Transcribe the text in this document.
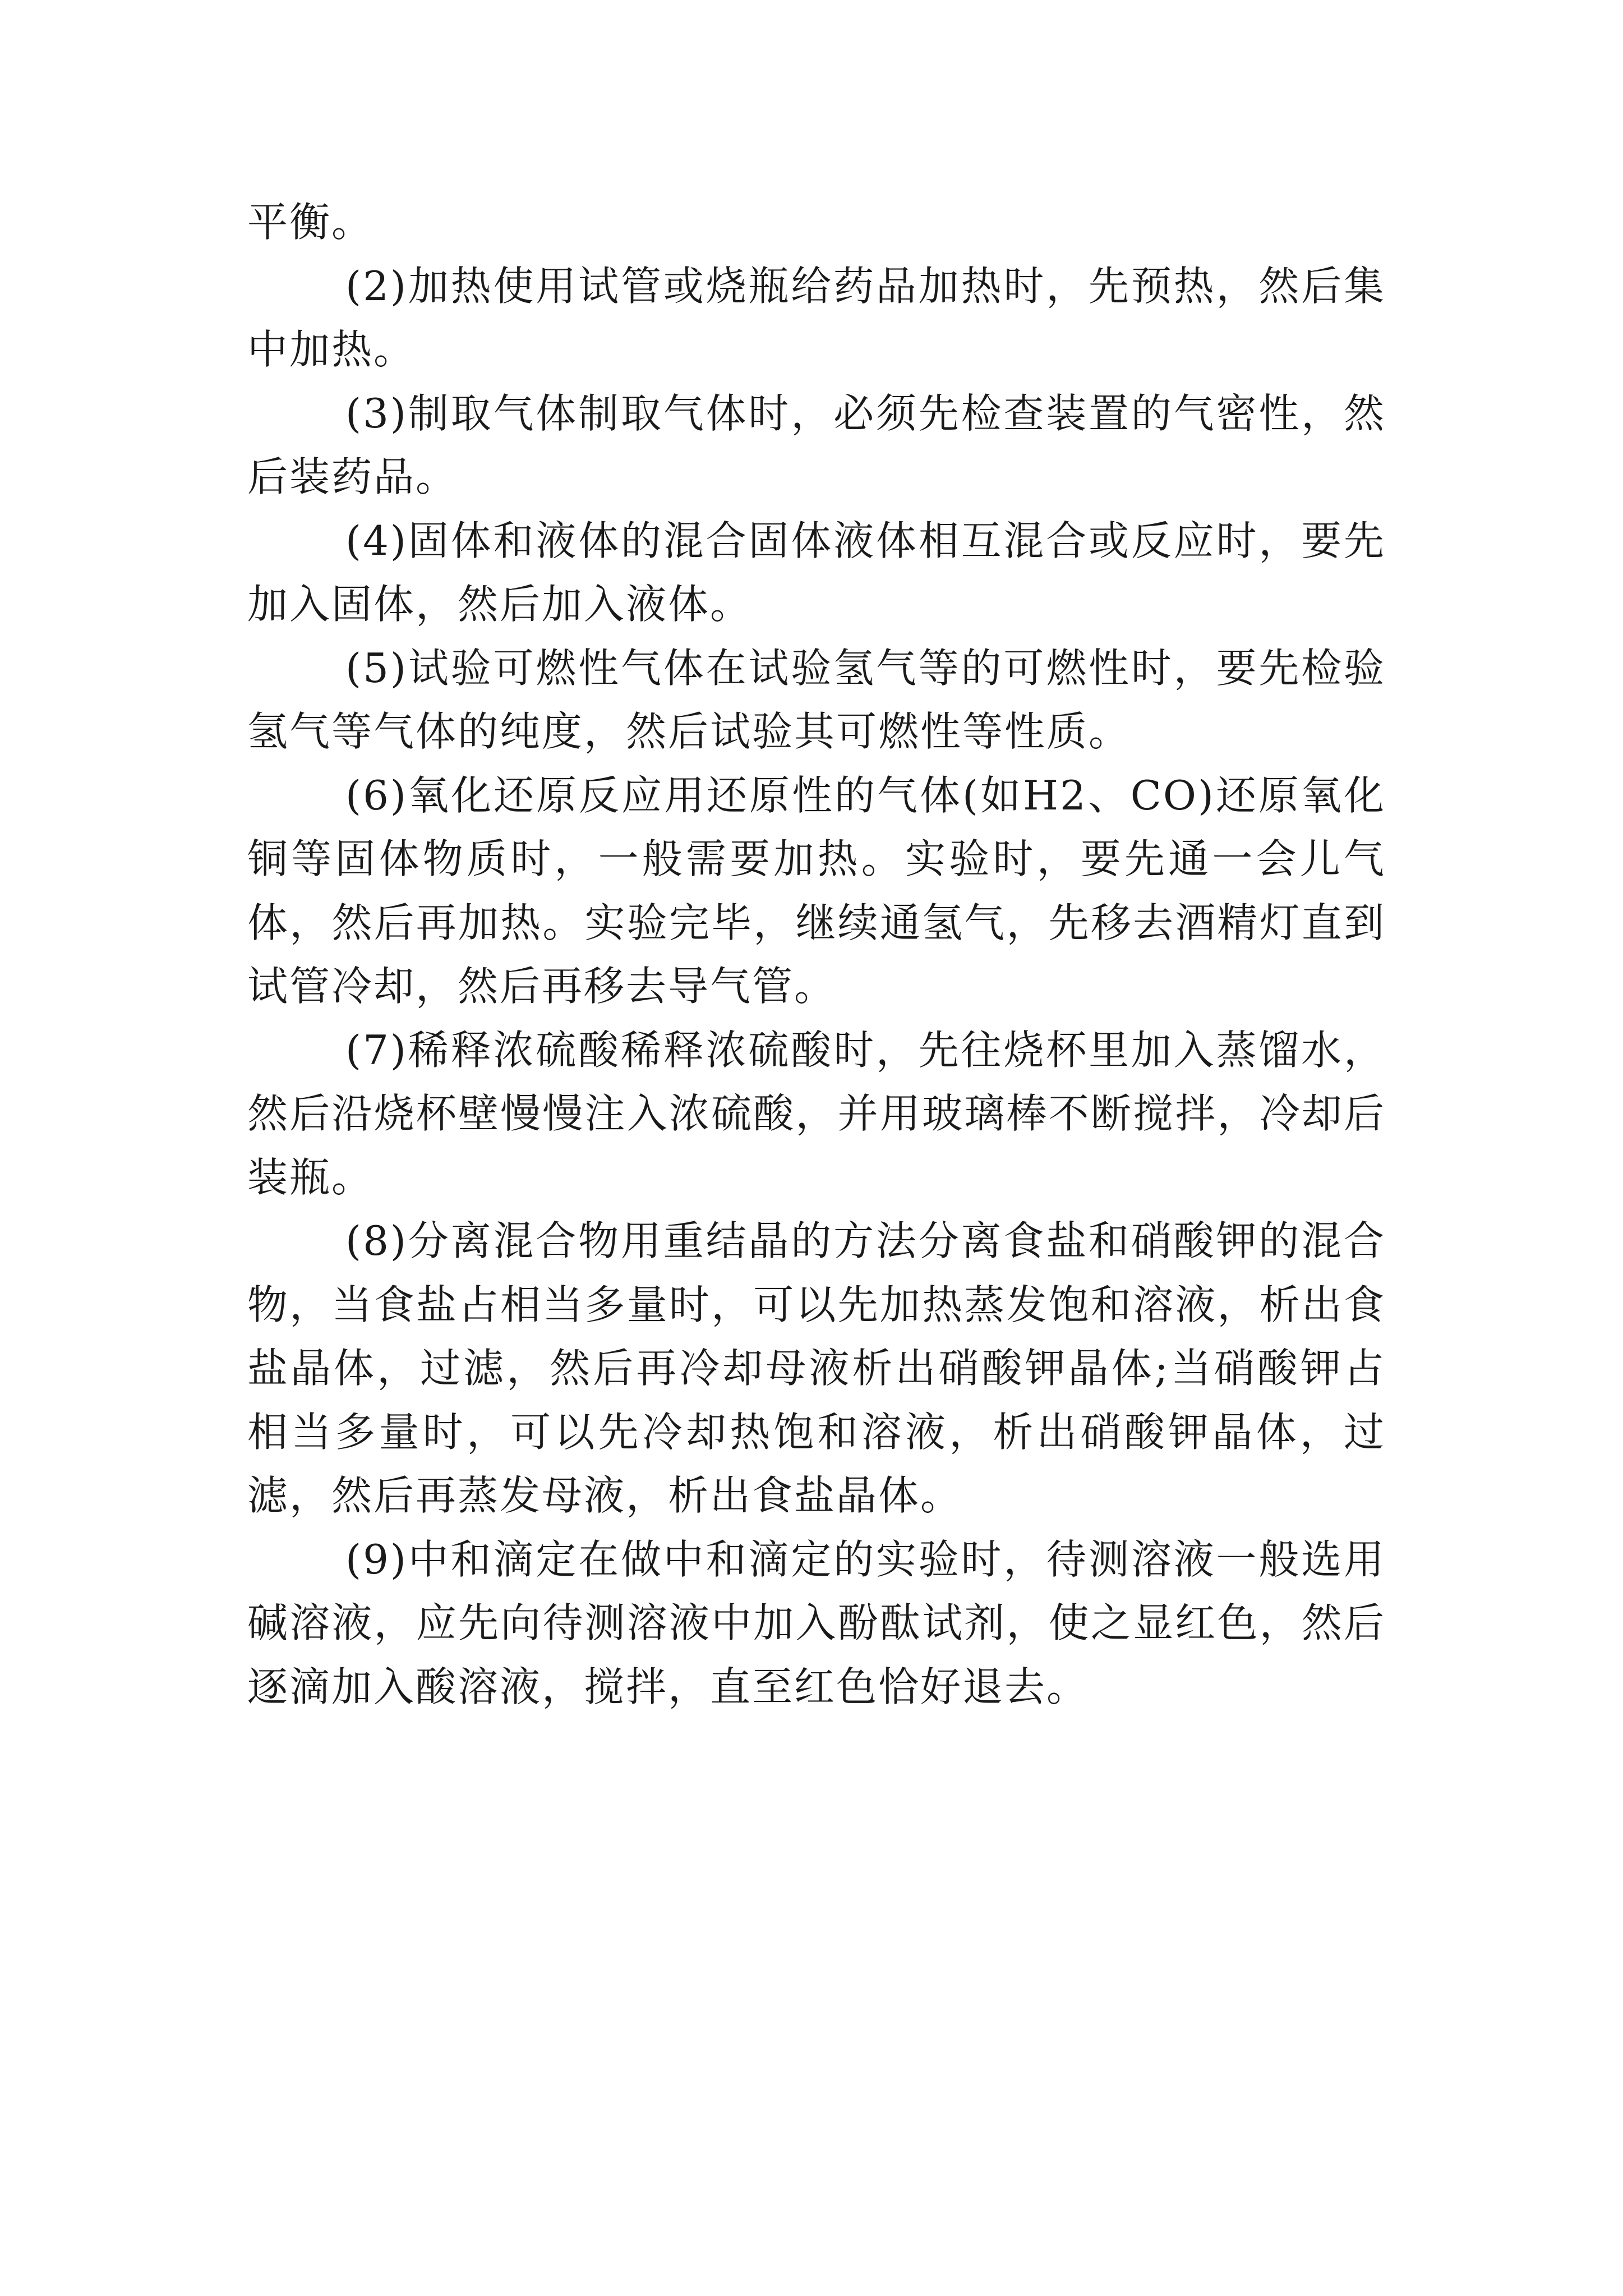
平衡。

(2)加热使用试管或烧瓶给药品加热时，先预热，然后集中加热。

(3)制取气体制取气体时，必须先检查装置的气密性，然后装药品。

(4)固体和液体的混合固体液体相互混合或反应时，要先加入固体，然后加入液体。

(5)试验可燃性气体在试验氢气等的可燃性时，要先检验氢气等气体的纯度，然后试验其可燃性等性质。

(6)氧化还原反应用还原性的气体(如H2、CO)还原氧化铜等固体物质时，一般需要加热。实验时，要先通一会儿气体，然后再加热。实验完毕，继续通氢气，先移去酒精灯直到试管冷却，然后再移去导气管。

(7)稀释浓硫酸稀释浓硫酸时，先往烧杯里加入蒸馏水，然后沿烧杯壁慢慢注入浓硫酸，并用玻璃棒不断搅拌，冷却后装瓶。

(8)分离混合物用重结晶的方法分离食盐和硝酸钾的混合物，当食盐占相当多量时，可以先加热蒸发饱和溶液，析出食盐晶体，过滤，然后再冷却母液析出硝酸钾晶体;当硝酸钾占相当多量时，可以先冷却热饱和溶液，析出硝酸钾晶体，过滤，然后再蒸发母液，析出食盐晶体。

(9)中和滴定在做中和滴定的实验时，待测溶液一般选用碱溶液，应先向待测溶液中加入酚酞试剂，使之显红色，然后逐滴加入酸溶液，搅拌，直至红色恰好退去。
